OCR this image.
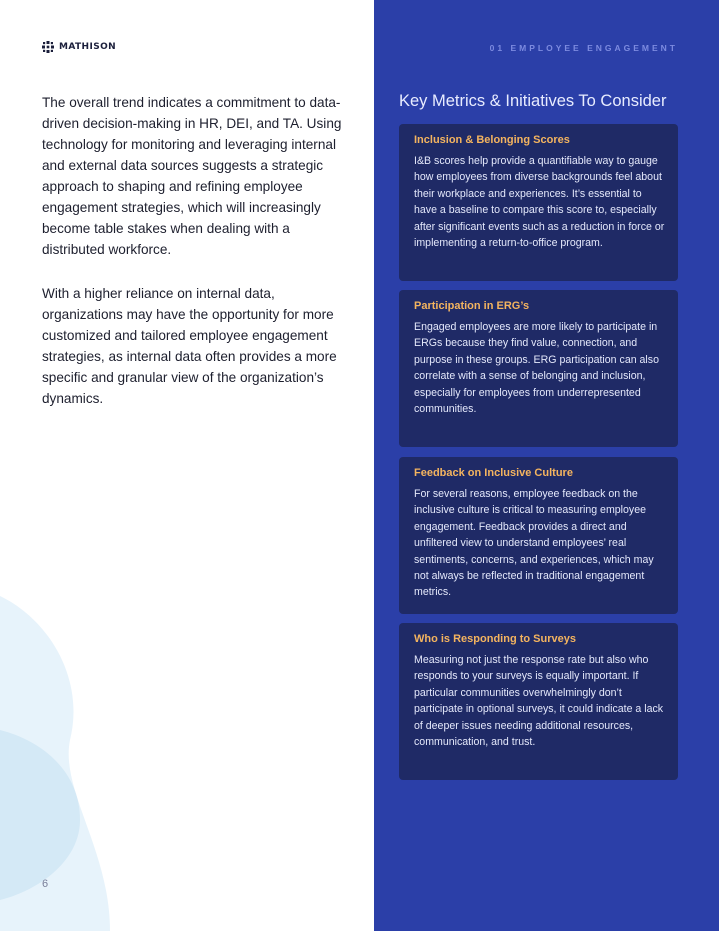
MATHISON

The overall trend indicates a commitment to data-driven decision-making in HR, DEI, and TA. Using technology for monitoring and leveraging internal and external data sources suggests a strategic approach to shaping and refining employee engagement strategies, which will increasingly become table stakes when dealing with a distributed workforce.

With a higher reliance on internal data, organizations may have the opportunity for more customized and tailored employee engagement strategies, as internal data often provides a more specific and granular view of the organization’s dynamics.

6
01 EMPLOYEE ENGAGEMENT
Key Metrics & Initiatives To Consider
Inclusion & Belonging Scores

I&B scores help provide a quantifiable way to gauge how employees from diverse backgrounds feel about their workplace and experiences. It’s essential to have a baseline to compare this score to, especially after significant events such as a reduction in force or implementing a return-to-office program.

Participation in ERG’s

Engaged employees are more likely to participate in ERGs because they find value, connection, and purpose in these groups. ERG participation can also correlate with a sense of belonging and inclusion, especially for employees from underrepresented communities.

Feedback on Inclusive Culture

For several reasons, employee feedback on the inclusive culture is critical to measuring employee engagement. Feedback provides a direct and unfiltered view to understand employees’ real sentiments, concerns, and experiences, which may not always be reflected in traditional engagement metrics.

Who is Responding to Surveys

Measuring not just the response rate but also who responds to your surveys is equally important. If particular communities overwhelmingly don’t participate in optional surveys, it could indicate a lack of deeper issues needing additional resources, communication, and trust.
